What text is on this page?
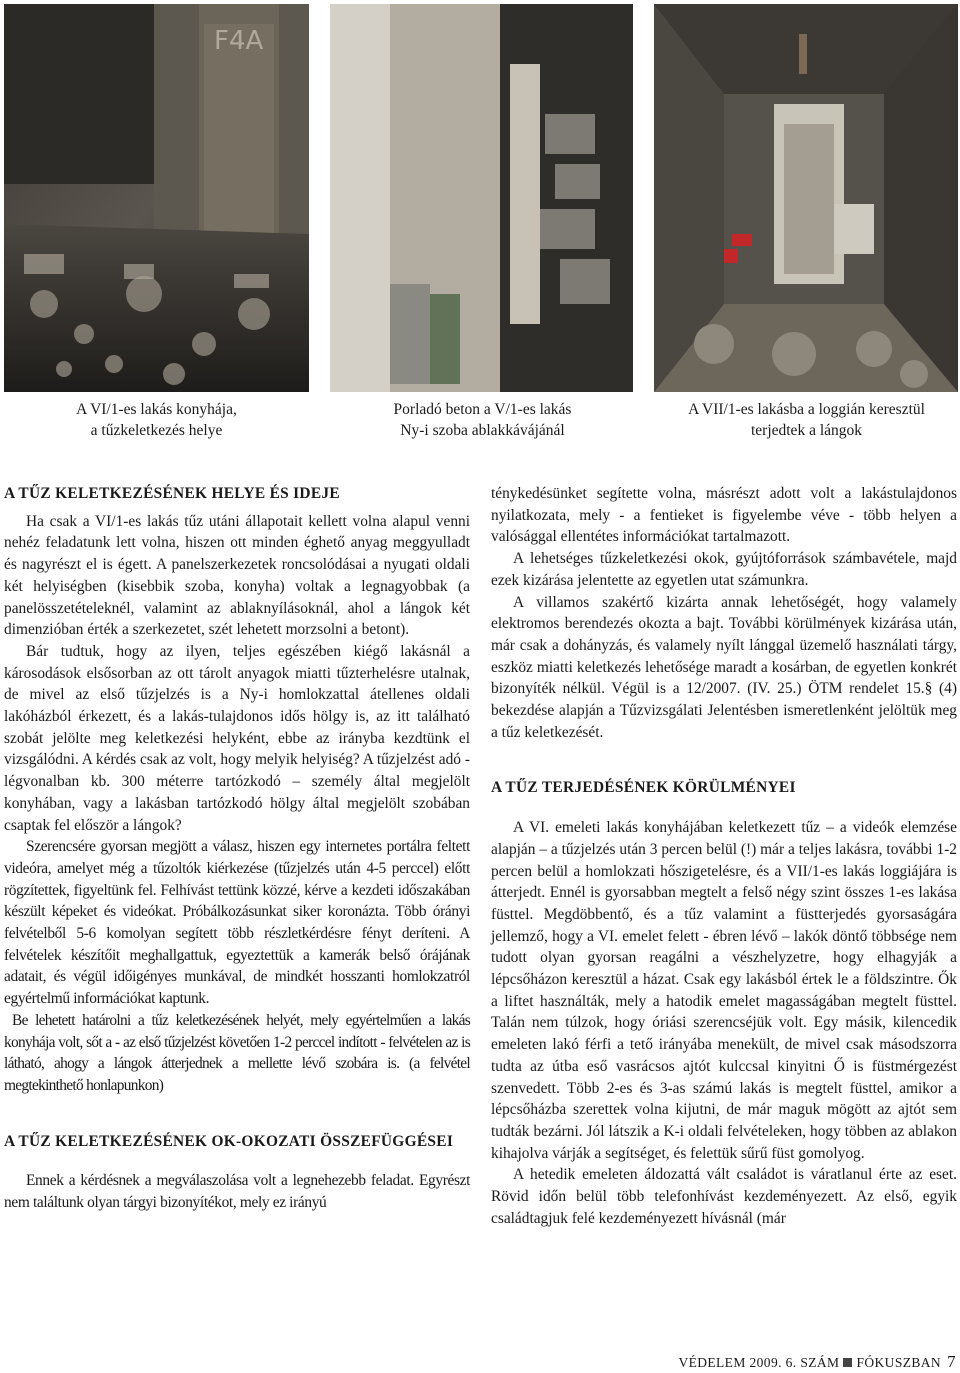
F4A
A VI/1-es lakás konyhája,
a tűzkeletkezés helye
Porladó beton a V/1-es lakás
Ny-i szoba ablakkávájánál
A VII/1-es lakásba a loggián keresztül
terjedtek a lángok
A TŰZ KELETKEZÉSÉNEK HELYE ÉS IDEJE

Ha csak a VI/1-es lakás tűz utáni állapotait kellett volna alapul venni nehéz feladatunk lett volna, hiszen ott minden éghető anyag meggyulladt és nagyrészt el is égett. A panelszerkezetek roncsolódásai a nyugati oldali két helyiségben (kisebbik szoba, konyha) voltak a legnagyobbak (a panelösszetételeknél, valamint az ablaknyílásoknál, ahol a lángok két dimenzióban érték a szerkezetet, szét lehetett morzsolni a betont).

Bár tudtuk, hogy az ilyen, teljes egészében kiégő lakásnál a károsodások elsősorban az ott tárolt anyagok miatti tűzterhelésre utalnak, de mivel az első tűzjelzés is a Ny-i homlokzattal átellenes oldali lakóházból érkezett, és a lakás-tulajdonos idős hölgy is, az itt található szobát jelölte meg keletkezési helyként, ebbe az irányba kezdtünk el vizsgálódni. A kérdés csak az volt, hogy melyik helyiség? A tűzjelzést adó - légvonalban kb. 300 méterre tartózkodó – személy által megjelölt konyhában, vagy a lakásban tartózkodó hölgy által megjelölt szobában csaptak fel először a lángok?

Szerencsére gyorsan megjött a válasz, hiszen egy internetes portálra feltett videóra, amelyet még a tűzoltók kiérkezése (tűzjelzés után 4-5 perccel) előtt rögzítettek, figyeltünk fel. Felhívást tettünk közzé, kérve a kezdeti időszakában készült képeket és videókat. Próbálkozásunkat siker koronázta. Több órányi felvételből 5-6 komolyan segített több részletkérdésre fényt deríteni. A felvételek készítőit meghallgattuk, egyeztettük a kamerák belső órájának adatait, és végül időigényes munkával, de mindkét hosszanti homlokzatról egyértelmű információkat kaptunk.

Be lehetett határolni a tűz keletkezésének helyét, mely egyértelműen a lakás konyhája volt, sőt a - az első tűzjelzést követően 1-2 perccel indított - felvételen az is látható, ahogy a lángok átterjednek a mellette lévő szobára is. (a felvétel megtekinthető honlapunkon)

A TŰZ KELETKEZÉSÉNEK OK-OKOZATI ÖSSZEFÜGGÉSEI

Ennek a kérdésnek a megválaszolása volt a legnehezebb feladat. Egyrészt nem találtunk olyan tárgyi bizonyítékot, mely ez irányú

ténykedésünket segítette volna, másrészt adott volt a lakástulajdonos nyilatkozata, mely - a fentieket is figyelembe véve - több helyen a valósággal ellentétes információkat tartalmazott.

A lehetséges tűzkeletkezési okok, gyújtóforrások számbavétele, majd ezek kizárása jelentette az egyetlen utat számunkra.

A villamos szakértő kizárta annak lehetőségét, hogy valamely elektromos berendezés okozta a bajt. További körülmények kizárása után, már csak a dohányzás, és valamely nyílt lánggal üzemelő használati tárgy, eszköz miatti keletkezés lehetősége maradt a kosárban, de egyetlen konkrét bizonyíték nélkül. Végül is a 12/2007. (IV. 25.) ÖTM rendelet 15.§ (4) bekezdése alapján a Tűzvizsgálati Jelentésben ismeretlenként jelöltük meg a tűz keletkezését.

A TŰZ TERJEDÉSÉNEK KÖRÜLMÉNYEI

A VI. emeleti lakás konyhájában keletkezett tűz – a videók elemzése alapján – a tűzjelzés után 3 percen belül (!) már a teljes lakásra, további 1-2 percen belül a homlokzati hőszigetelésre, és a VII/1-es lakás loggiájára is átterjedt. Ennél is gyorsabban megtelt a felső négy szint összes 1-es lakása füsttel. Megdöbbentő, és a tűz valamint a füstterjedés gyorsaságára jellemző, hogy a VI. emelet felett - ébren lévő – lakók döntő többsége nem tudott olyan gyorsan reagálni a vészhelyzetre, hogy elhagyják a lépcsőházon keresztül a házat. Csak egy lakásból értek le a földszintre. Ők a liftet használták, mely a hatodik emelet magasságában megtelt füsttel. Talán nem túlzok, hogy óriási szerencséjük volt. Egy másik, kilencedik emeleten lakó férfi a tető irányába menekült, de mivel csak másodszorra tudta az útba eső vasrácsos ajtót kulccsal kinyitni Ő is füstmérgezést szenvedett. Több 2-es és 3-as számú lakás is megtelt füsttel, amikor a lépcsőházba szerettek volna kijutni, de már maguk mögött az ajtót sem tudták bezárni. Jól látszik a K-i oldali felvételeken, hogy többen az ablakon kihajolva várják a segítséget, és felettük sűrű füst gomolyog.

A hetedik emeleten áldozattá vált családot is váratlanul érte az eset. Rövid időn belül több telefonhívást kezdeményezett. Az első, egyik családtagjuk felé kezdeményezett hívásnál (már

VÉDELEM 2009. 6. SZÁM FÓKUSZBAN 7
